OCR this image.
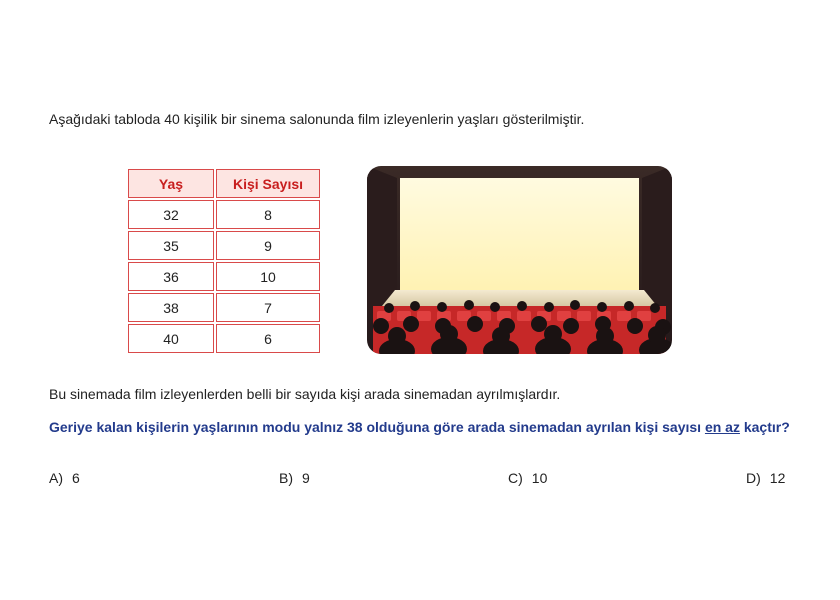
Aşağıdaki tabloda 40 kişilik bir sinema salonunda film izleyenlerin yaşları gösterilmiştir.
Yaş	Kişi Sayısı
32	8
35	9
36	10
38	7
40	6
Bu sinemada film izleyenlerden belli bir sayıda kişi arada sinemadan ayrılmışlardır.
Geriye kalan kişilerin yaşlarının modu yalnız 38 olduğuna göre arada sinemadan ayrılan kişi sayısı en az kaçtır?
A) 6	B) 9	C) 10	D) 12
